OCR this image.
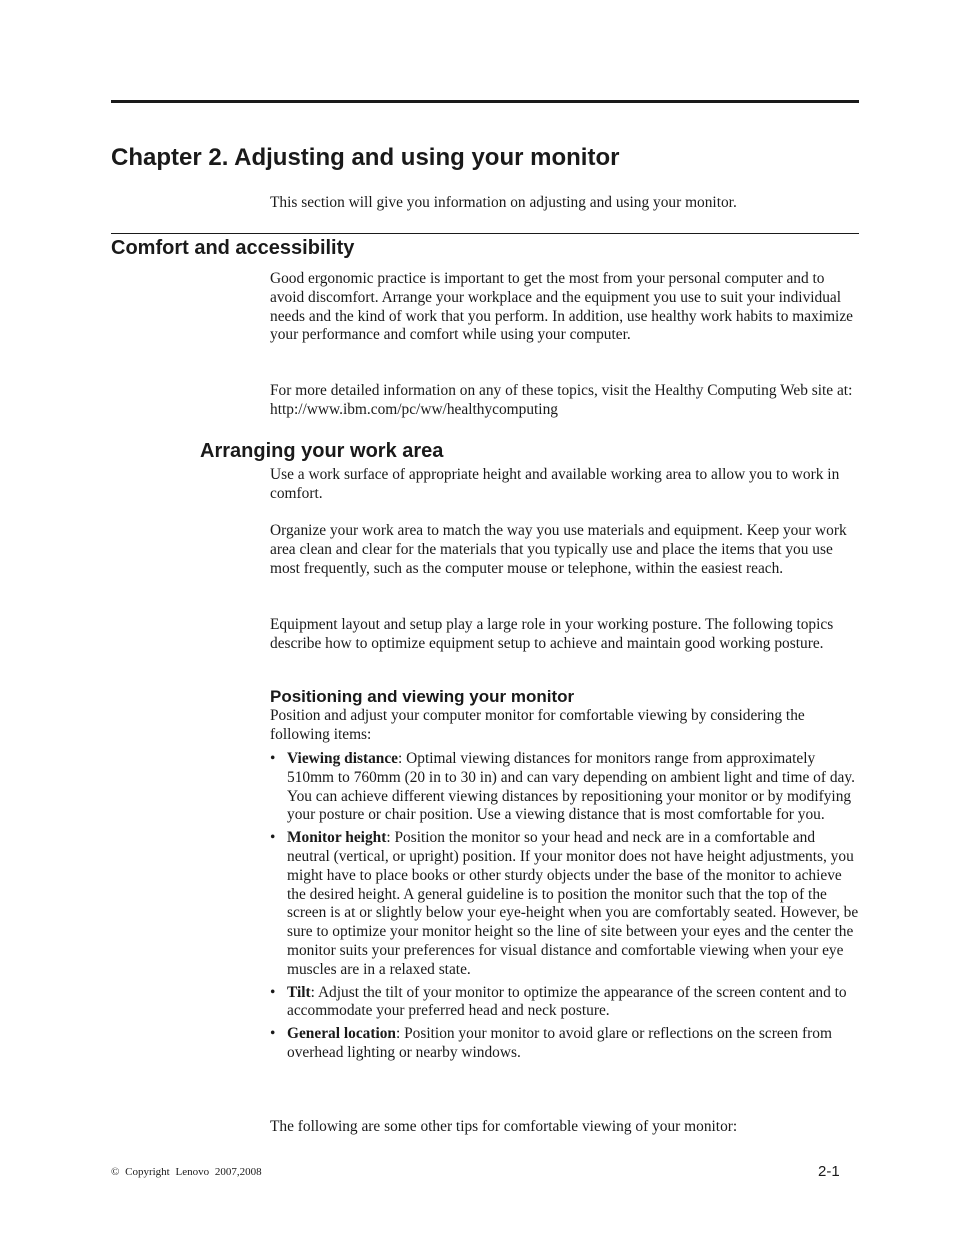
Chapter 2. Adjusting and using your monitor

This section will give you information on adjusting and using your monitor.

Comfort and accessibility

Good ergonomic practice is important to get the most from your personal computer and to avoid discomfort. Arrange your workplace and the equipment you use to suit your individual needs and the kind of work that you perform. In addition, use healthy work habits to maximize your performance and comfort while using your computer.

For more detailed information on any of these topics, visit the Healthy Computing Web site at: http://www.ibm.com/pc/ww/healthycomputing

Arranging your work area

Use a work surface of appropriate height and available working area to allow you to work in comfort.

Organize your work area to match the way you use materials and equipment. Keep your work area clean and clear for the materials that you typically use and place the items that you use most frequently, such as the computer mouse or telephone, within the easiest reach.

Equipment layout and setup play a large role in your working posture. The following topics describe how to optimize equipment setup to achieve and maintain good working posture.

Positioning and viewing your monitor

Position and adjust your computer monitor for comfortable viewing by considering the following items:

• Viewing distance: Optimal viewing distances for monitors range from approximately 510mm to 760mm (20 in to 30 in) and can vary depending on ambient light and time of day. You can achieve different viewing distances by repositioning your monitor or by modifying your posture or chair position. Use a viewing distance that is most comfortable for you.
• Monitor height: Position the monitor so your head and neck are in a comfortable and neutral (vertical, or upright) position. If your monitor does not have height adjustments, you might have to place books or other sturdy objects under the base of the monitor to achieve the desired height. A general guideline is to position the monitor such that the top of the screen is at or slightly below your eye-height when you are comfortably seated. However, be sure to optimize your monitor height so the line of site between your eyes and the center the monitor suits your preferences for visual distance and comfortable viewing when your eye muscles are in a relaxed state.
• Tilt: Adjust the tilt of your monitor to optimize the appearance of the screen content and to accommodate your preferred head and neck posture.
• General location: Position your monitor to avoid glare or reflections on the screen from overhead lighting or nearby windows.

The following are some other tips for comfortable viewing of your monitor:

© Copyright Lenovo 2007,2008	2-1
